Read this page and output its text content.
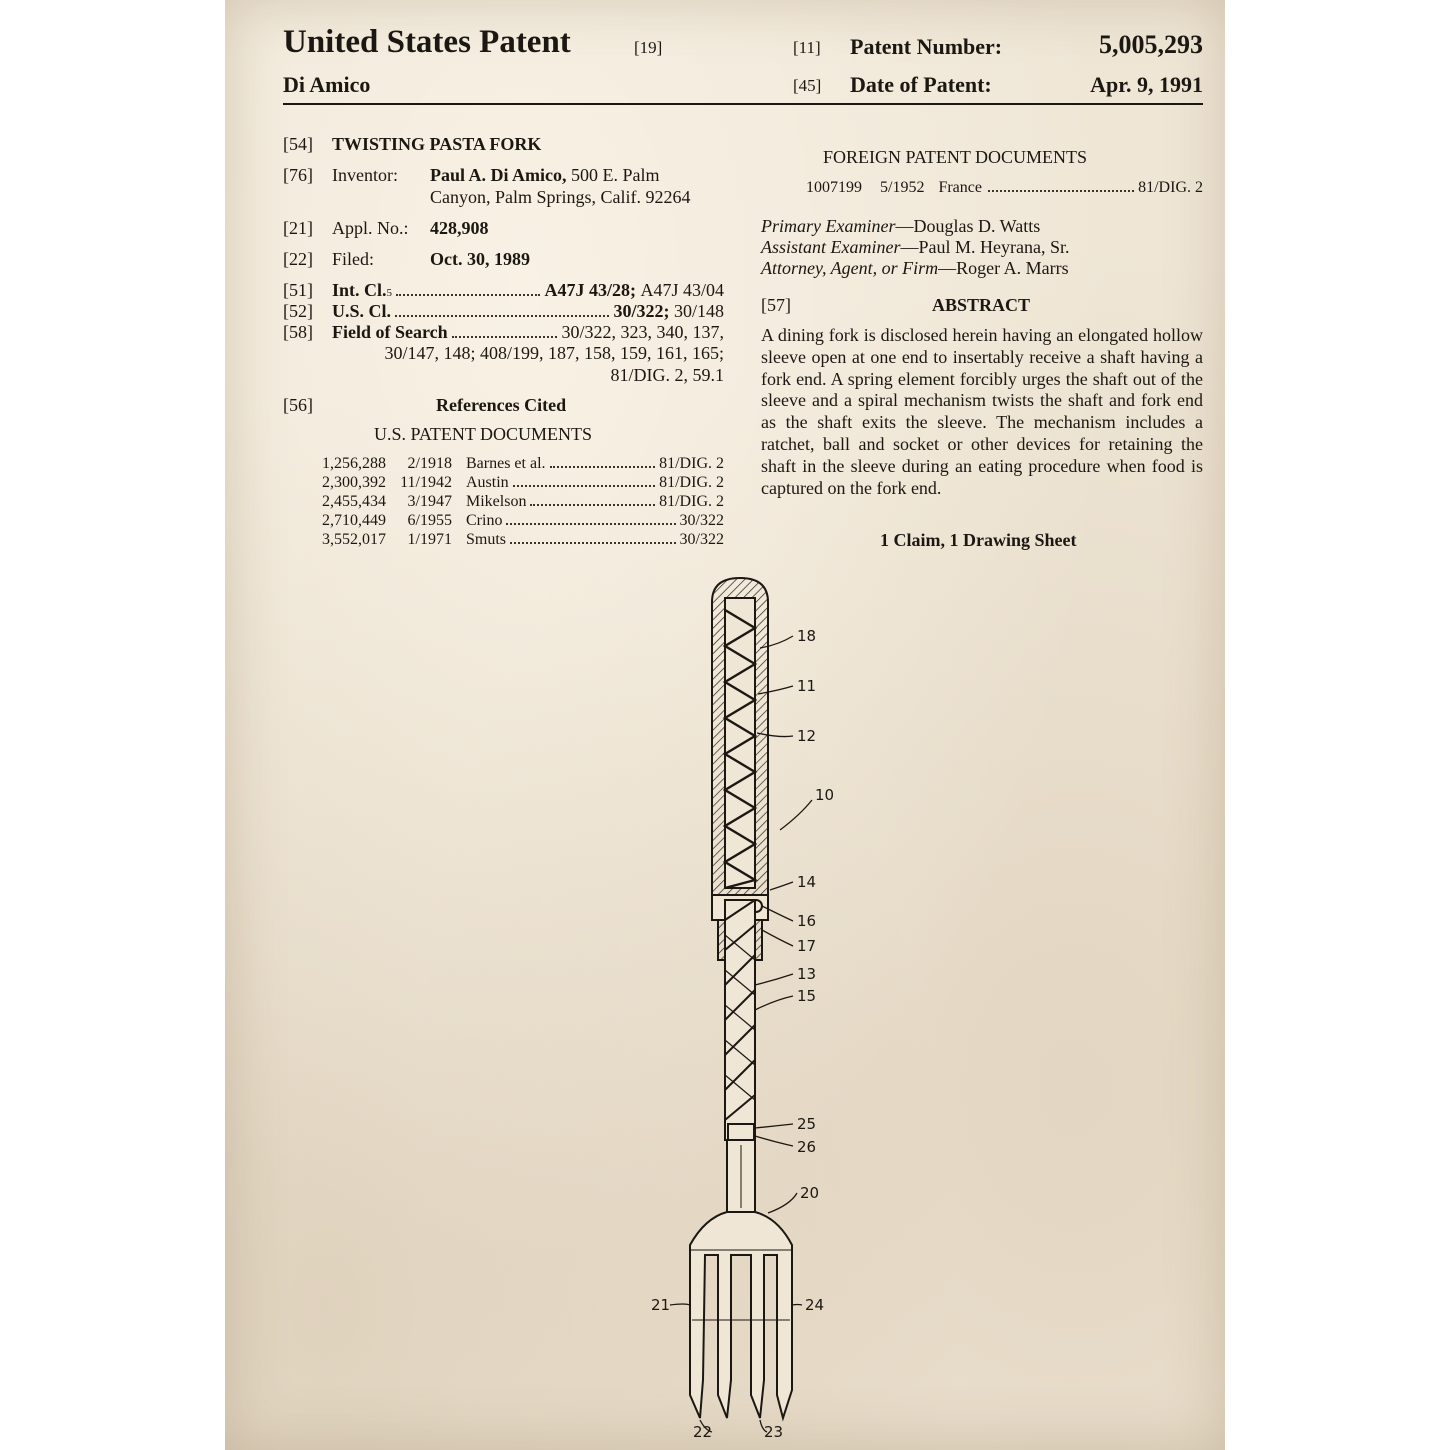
United States Patent	[19]
Di Amico
[11] Patent Number:	5,005,293
[45] Date of Patent:	Apr. 9, 1991
[54] TWISTING PASTA FORK
[76] Inventor: Paul A. Di Amico, 500 E. Palm
Canyon, Palm Springs, Calif. 92264
[21] Appl. No.: 428,908
[22] Filed:	Oct. 30, 1989
[51] Int. Cl. 5	A47J 43/28;
A47J 43/04
[52] U.S. Cl.	30/322;
30/148
[58] Field of Search	30/322, 323, 340, 137,
30/147, 148; 408/199, 187, 158, 159, 161, 165;
81/DIG. 2, 59.1
[56]	References Cited
U.S. PATENT DOCUMENTS
1,256,288	2/1918 Barnes et al.	81/DIG. 2
2,300,392 11/1942 Austin	81/DIG. 2
2,455,434	3/1947 Mikelson	81/DIG. 2
2,710,449	6/1955 Crino	30/322
3,552,017	1/1971 Smuts	30/322
FOREIGN PATENT DOCUMENTS
1007199 5/1952 France	81/DIG. 2
Primary Examiner—Douglas D. Watts
Assistant Examiner—Paul M. Heyrana, Sr.
Attorney, Agent, or Firm—Roger A. Marrs
[57]	ABSTRACT
A dining fork is disclosed herein having an elongated hollow sleeve open at one end to insertably receive a shaft having a fork end. A spring element forcibly urges the shaft out of the sleeve and a spiral mechanism twists the shaft and fork end as the shaft exits the sleeve. The mechanism includes a ratchet, ball and socket or other devices for retaining the shaft in the sleeve during an eating procedure when food is captured on the fork end.
1 Claim, 1 Drawing Sheet
18
11
12
10
14
16
17
13
15
25
26
20
21	24
22	23
